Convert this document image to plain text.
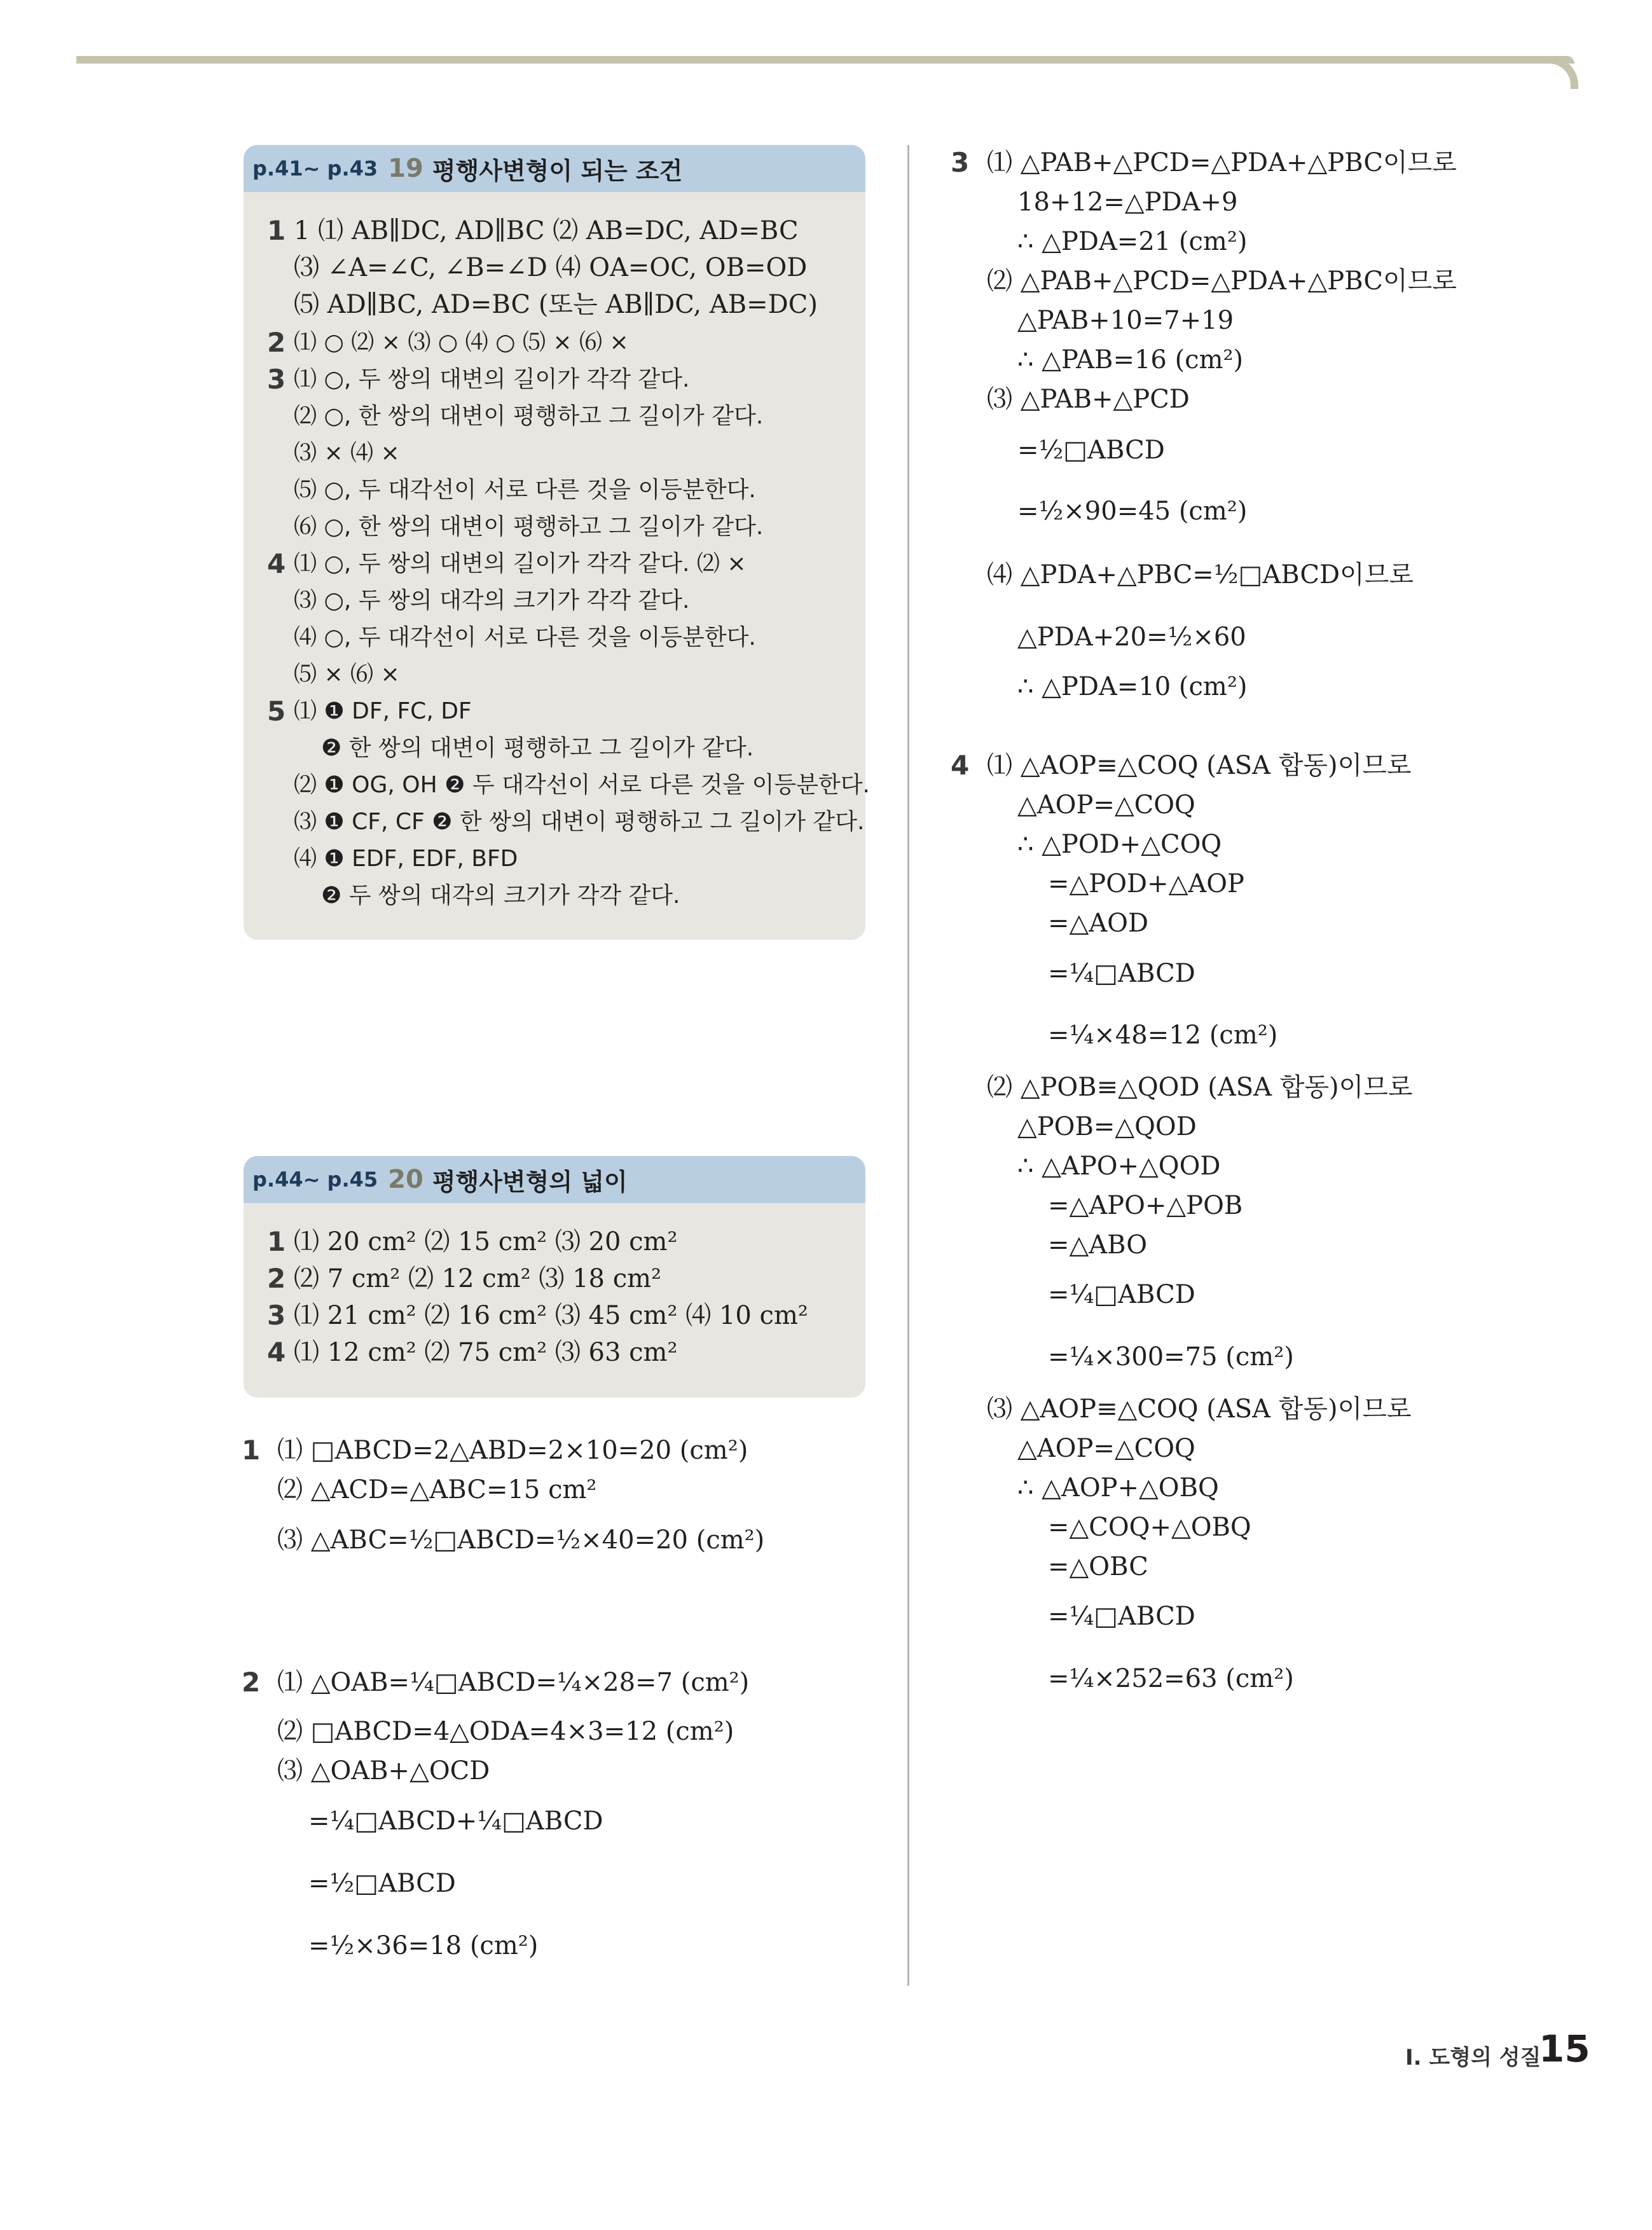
p.41~ p.43 19 평행사변형이 되는 조건
1 1 ⑴ AB∥DC, AD∥BC ⑵ AB=DC, AD=BC
⑶ ∠A=∠C, ∠B=∠D ⑷ OA=OC, OB=OD
⑸ AD∥BC, AD=BC (또는 AB∥DC, AB=DC)
2 ⑴ ○ ⑵ × ⑶ ○ ⑷ ○ ⑸ × ⑹ ×
3 ⑴ ○, 두 쌍의 대변의 길이가 각각 같다.
⑵ ○, 한 쌍의 대변이 평행하고 그 길이가 같다.
⑶ × ⑷ ×
⑸ ○, 두 대각선이 서로 다른 것을 이등분한다.
⑹ ○, 한 쌍의 대변이 평행하고 그 길이가 같다.
4 ⑴ ○, 두 쌍의 대변의 길이가 각각 같다. ⑵ ×
⑶ ○, 두 쌍의 대각의 크기가 각각 같다.
⑷ ○, 두 대각선이 서로 다른 것을 이등분한다.
⑸ × ⑹ ×
5 ⑴ ❶ DF, FC, DF
❷ 한 쌍의 대변이 평행하고 그 길이가 같다.
⑵ ❶ OG, OH ❷ 두 대각선이 서로 다른 것을 이등분한다.
⑶ ❶ CF, CF ❷ 한 쌍의 대변이 평행하고 그 길이가 같다.
⑷ ❶ EDF, EDF, BFD
❷ 두 쌍의 대각의 크기가 각각 같다.
p.44~ p.45 20 평행사변형의 넓이
1 ⑴ 20 cm² ⑵ 15 cm² ⑶ 20 cm²
2 ⑵ 7 cm² ⑵ 12 cm² ⑶ 18 cm²
3 ⑴ 21 cm² ⑵ 16 cm² ⑶ 45 cm² ⑷ 10 cm²
4 ⑴ 12 cm² ⑵ 75 cm² ⑶ 63 cm²
1 ⑴ □ABCD=2△ABD=2×10=20 (cm²)
⑵ △ACD=△ABC=15 cm²
⑶ △ABC=½□ABCD=½×40=20 (cm²)
2 ⑴ △OAB=¼□ABCD=¼×28=7 (cm²)
⑵ □ABCD=4△ODA=4×3=12 (cm²)
⑶ △OAB+△OCD
=¼□ABCD+¼□ABCD
=½□ABCD
=½×36=18 (cm²)
3 ⑴ △PAB+△PCD=△PDA+△PBC이므로
18+12=△PDA+9
∴ △PDA=21 (cm²)
⑵ △PAB+△PCD=△PDA+△PBC이므로
△PAB+10=7+19
∴ △PAB=16 (cm²)
⑶ △PAB+△PCD
=½□ABCD
=½×90=45 (cm²)
⑷ △PDA+△PBC=½□ABCD이므로
△PDA+20=½×60
∴ △PDA=10 (cm²)
4 ⑴ △AOP≡△COQ (ASA 합동)이므로
△AOP=△COQ
∴ △POD+△COQ
=△POD+△AOP
=△AOD
=¼□ABCD
=¼×48=12 (cm²)
⑵ △POB≡△QOD (ASA 합동)이므로
△POB=△QOD
∴ △APO+△QOD
=△APO+△POB
=△ABO
=¼□ABCD
=¼×300=75 (cm²)
⑶ △AOP≡△COQ (ASA 합동)이므로
△AOP=△COQ
∴ △AOP+△OBQ
=△COQ+△OBQ
=△OBC
=¼□ABCD
=¼×252=63 (cm²)
Ⅰ. 도형의 성질
15
